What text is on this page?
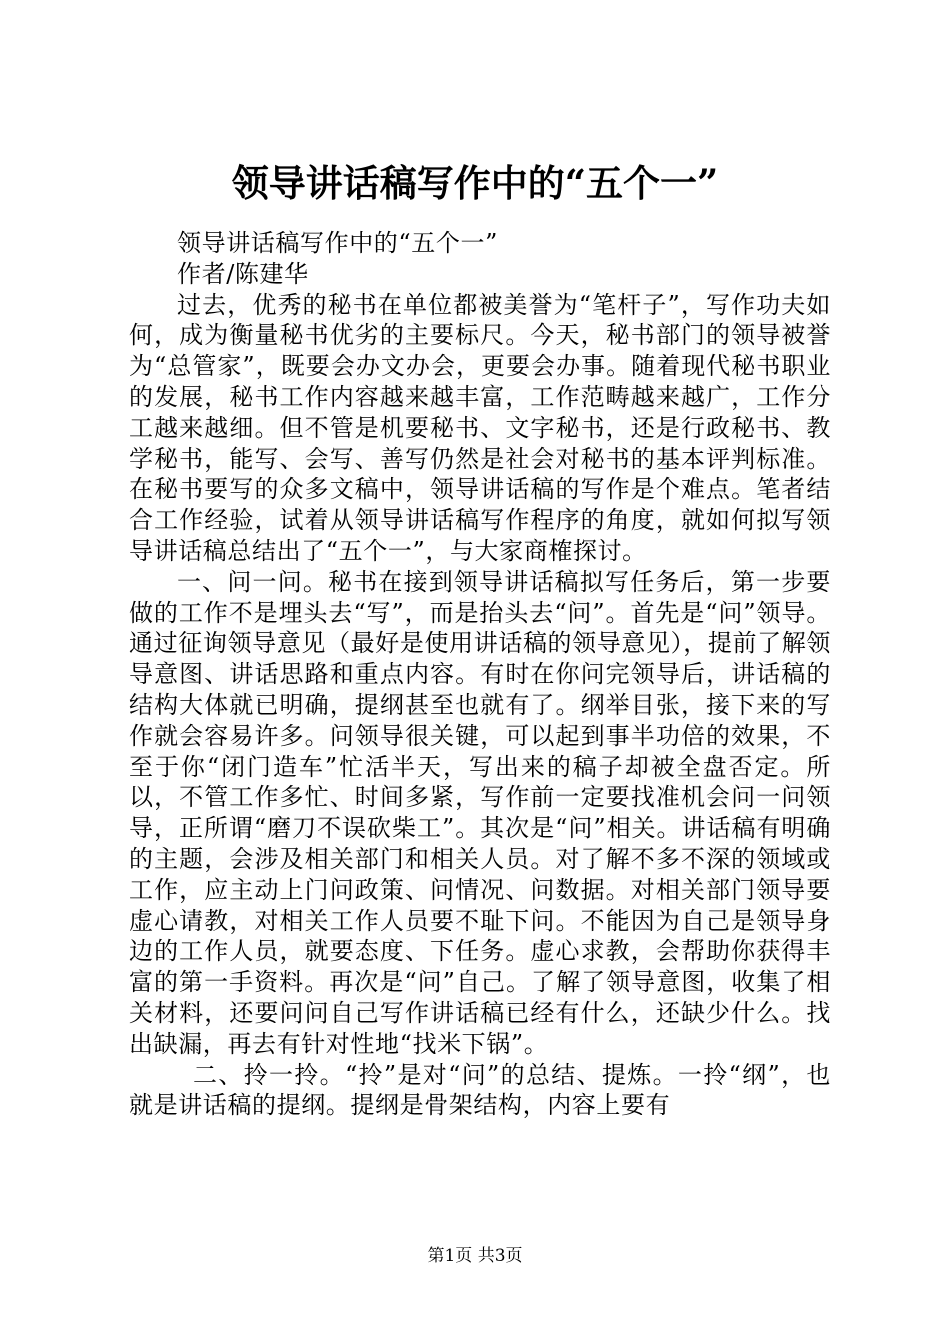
领导讲话稿写作中的“五个一”

领导讲话稿写作中的“五个一”

作者/陈建华

过去，优秀的秘书在单位都被美誉为“笔杆子”，写作功夫如何，成为衡量秘书优劣的主要标尺。今天，秘书部门的领导被誉为“总管家”，既要会办文办会，更要会办事。随着现代秘书职业的发展，秘书工作内容越来越丰富，工作范畴越来越广，工作分工越来越细。但不管是机要秘书、文字秘书，还是行政秘书、教学秘书，能写、会写、善写仍然是社会对秘书的基本评判标准。在秘书要写的众多文稿中，领导讲话稿的写作是个难点。笔者结合工作经验，试着从领导讲话稿写作程序的角度，就如何拟写领导讲话稿总结出了“五个一”，与大家商榷探讨。

一、问一问。秘书在接到领导讲话稿拟写任务后，第一步要做的工作不是埋头去“写”，而是抬头去“问”。首先是“问”领导。通过征询领导意见（最好是使用讲话稿的领导意见），提前了解领导意图、讲话思路和重点内容。有时在你问完领导后，讲话稿的结构大体就已明确，提纲甚至也就有了。纲举目张，接下来的写作就会容易许多。问领导很关键，可以起到事半功倍的效果，不至于你“闭门造车”忙活半天，写出来的稿子却被全盘否定。所以，不管工作多忙、时间多紧，写作前一定要找准机会问一问领导，正所谓“磨刀不误砍柴工”。其次是“问”相关。讲话稿有明确的主题，会涉及相关部门和相关人员。对了解不多不深的领域或工作，应主动上门问政策、问情况、问数据。对相关部门领导要虚心请教，对相关工作人员要不耻下问。不能因为自己是领导身边的工作人员，就要态度、下任务。虚心求教，会帮助你获得丰富的第一手资料。再次是“问”自己。了解了领导意图，收集了相关材料，还要问问自己写作讲话稿已经有什么，还缺少什么。找出缺漏，再去有针对性地“找米下锅”。

二、拎一拎。“拎”是对“问”的总结、提炼。一拎“纲”，也就是讲话稿的提纲。提纲是骨架结构，内容上要有

第1页 共3页
